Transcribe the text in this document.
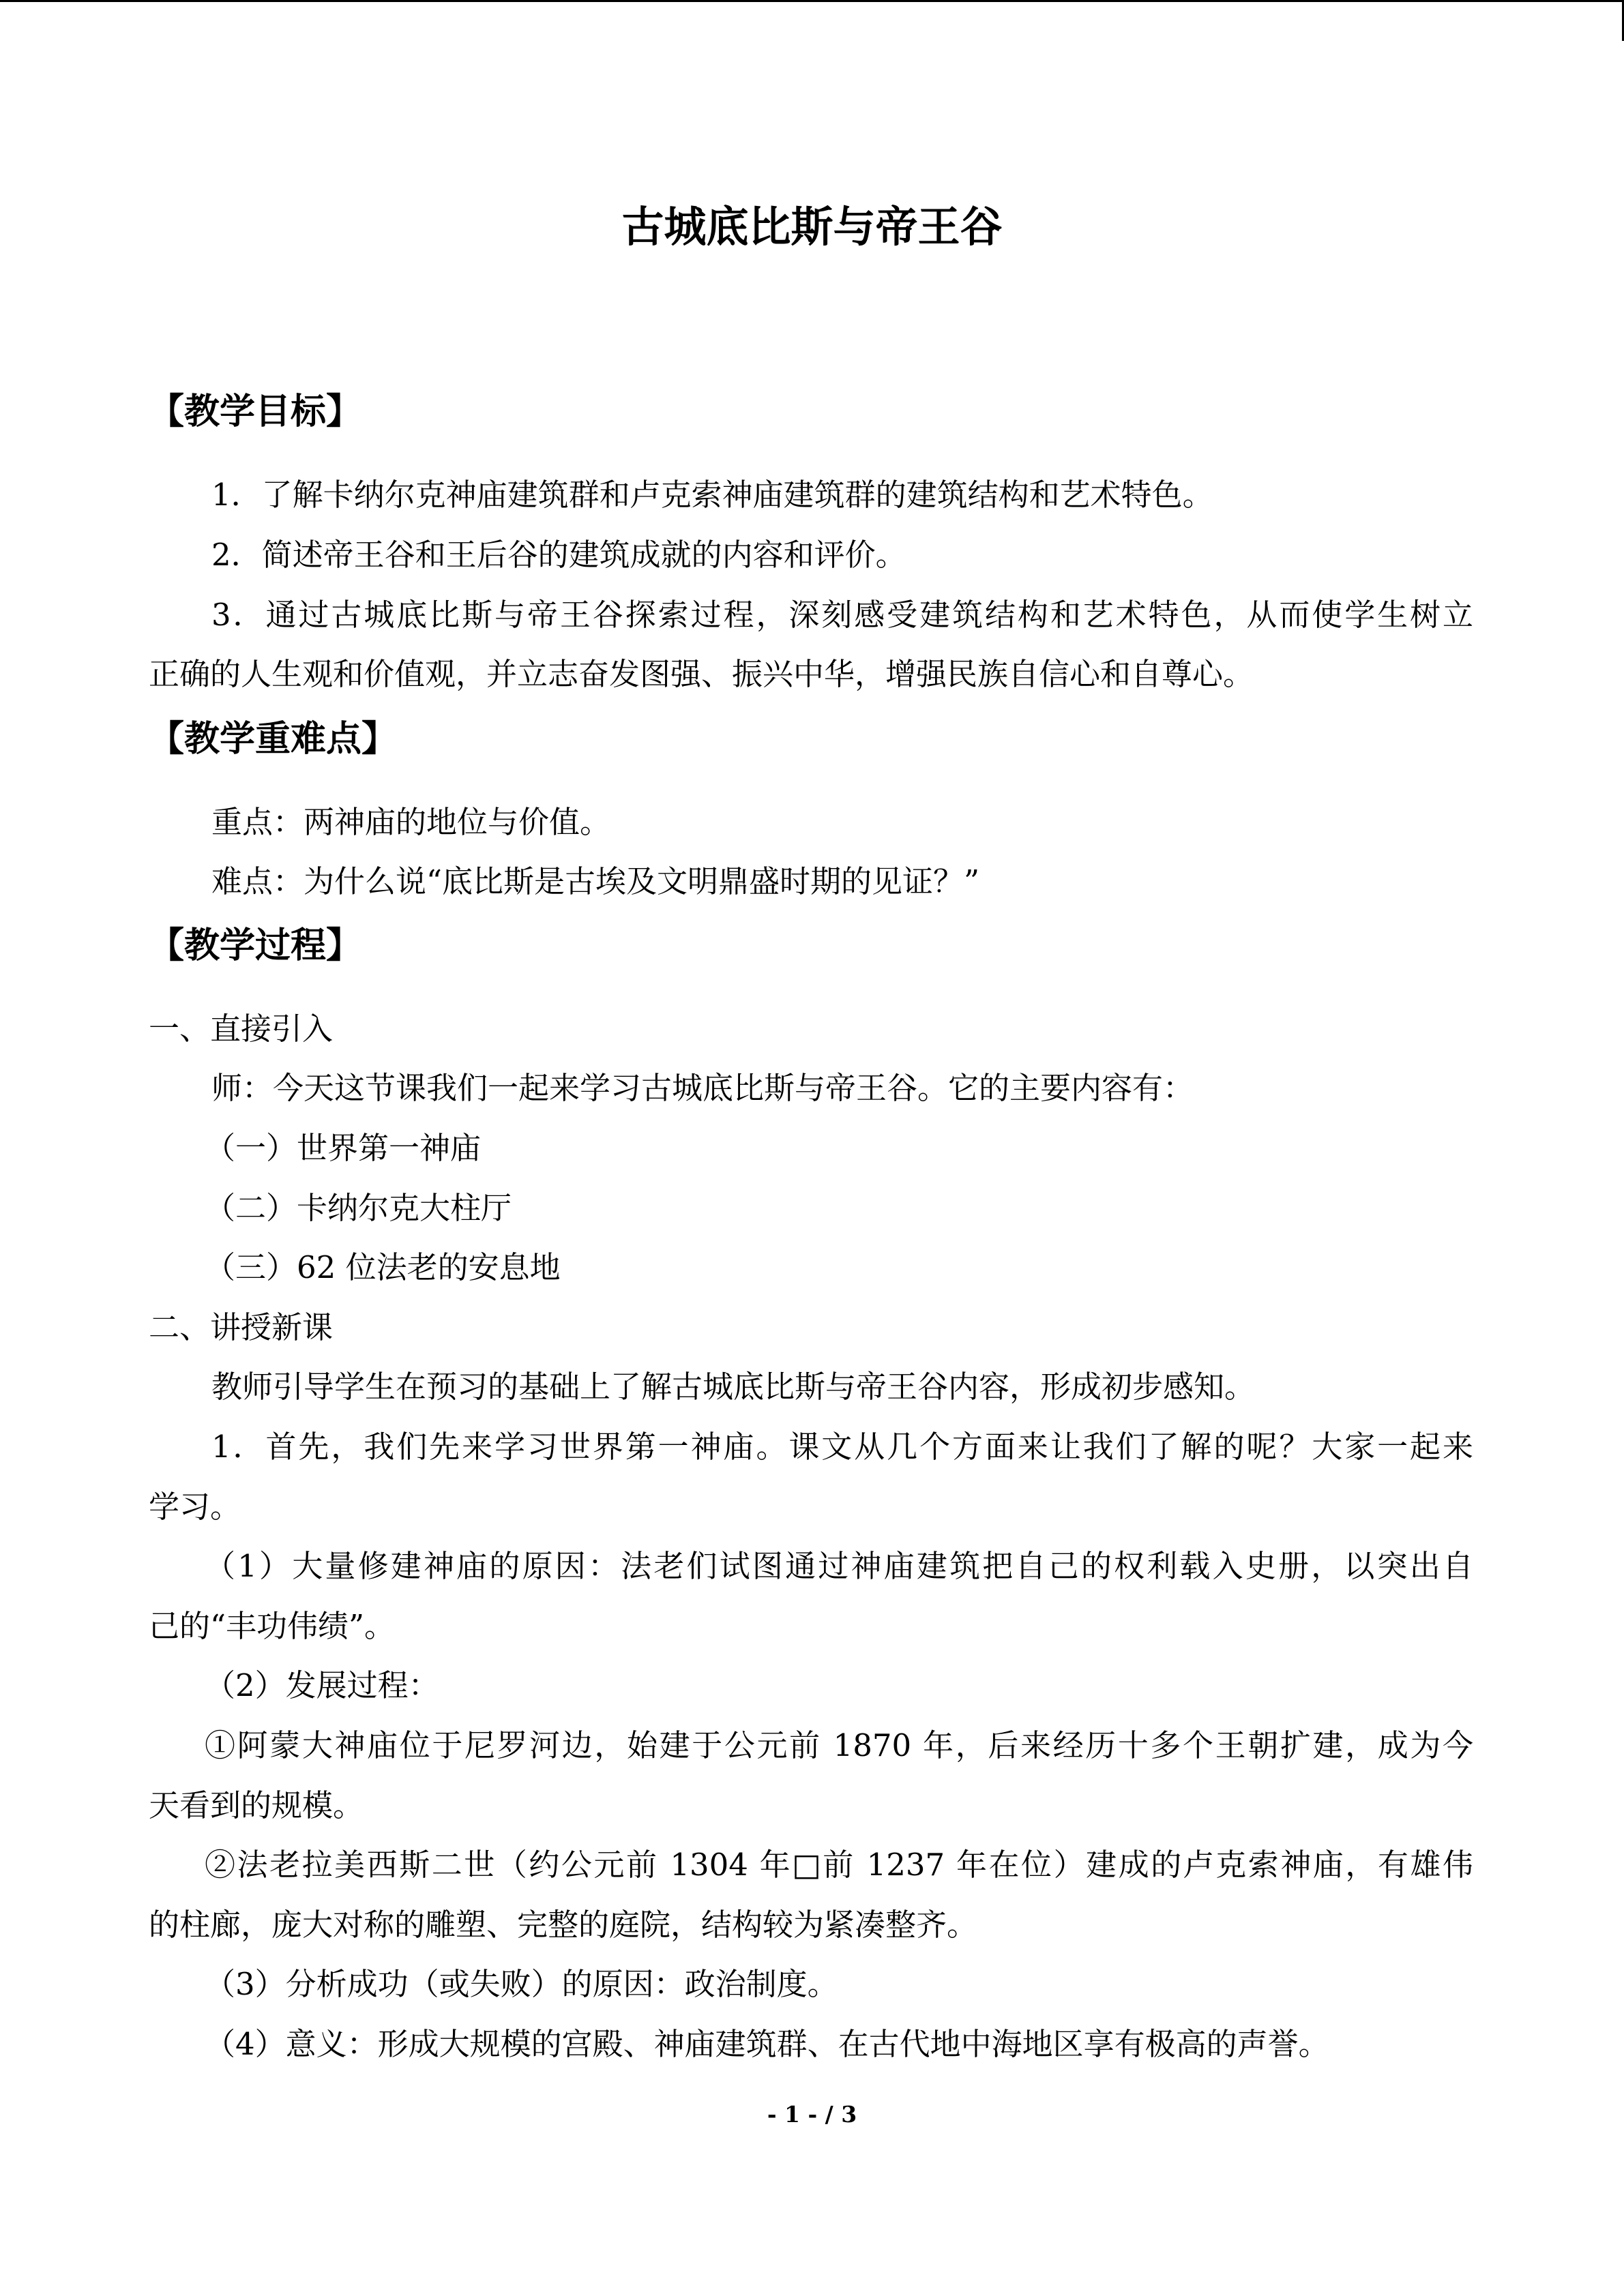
古城底比斯与帝王谷
【教学目标】
1．了解卡纳尔克神庙建筑群和卢克索神庙建筑群的建筑结构和艺术特色。
2．简述帝王谷和王后谷的建筑成就的内容和评价。
3．通过古城底比斯与帝王谷探索过程，深刻感受建筑结构和艺术特色，从而使学生树立
正确的人生观和价值观，并立志奋发图强、振兴中华，增强民族自信心和自尊心。
【教学重难点】
重点：两神庙的地位与价值。
难点：为什么说“底比斯是古埃及文明鼎盛时期的见证？”
【教学过程】
一、直接引入
师：今天这节课我们一起来学习古城底比斯与帝王谷。它的主要内容有：
（一）世界第一神庙
（二）卡纳尔克大柱厅
（三）62 位法老的安息地
二、讲授新课
教师引导学生在预习的基础上了解古城底比斯与帝王谷内容，形成初步感知。
1．首先，我们先来学习世界第一神庙。课文从几个方面来让我们了解的呢？大家一起来
学习。
（1）大量修建神庙的原因：法老们试图通过神庙建筑把自己的权利载入史册，以突出自
己的“丰功伟绩”。
（2）发展过程：
①阿蒙大神庙位于尼罗河边，始建于公元前 1870 年，后来经历十多个王朝扩建，成为今
天看到的规模。
②法老拉美西斯二世（约公元前 1304 年□前 1237 年在位）建成的卢克索神庙，有雄伟
的柱廊，庞大对称的雕塑、完整的庭院，结构较为紧凑整齐。
（3）分析成功（或失败）的原因：政治制度。
（4）意义：形成大规模的宫殿、神庙建筑群、在古代地中海地区享有极高的声誉。
- 1 - / 3
